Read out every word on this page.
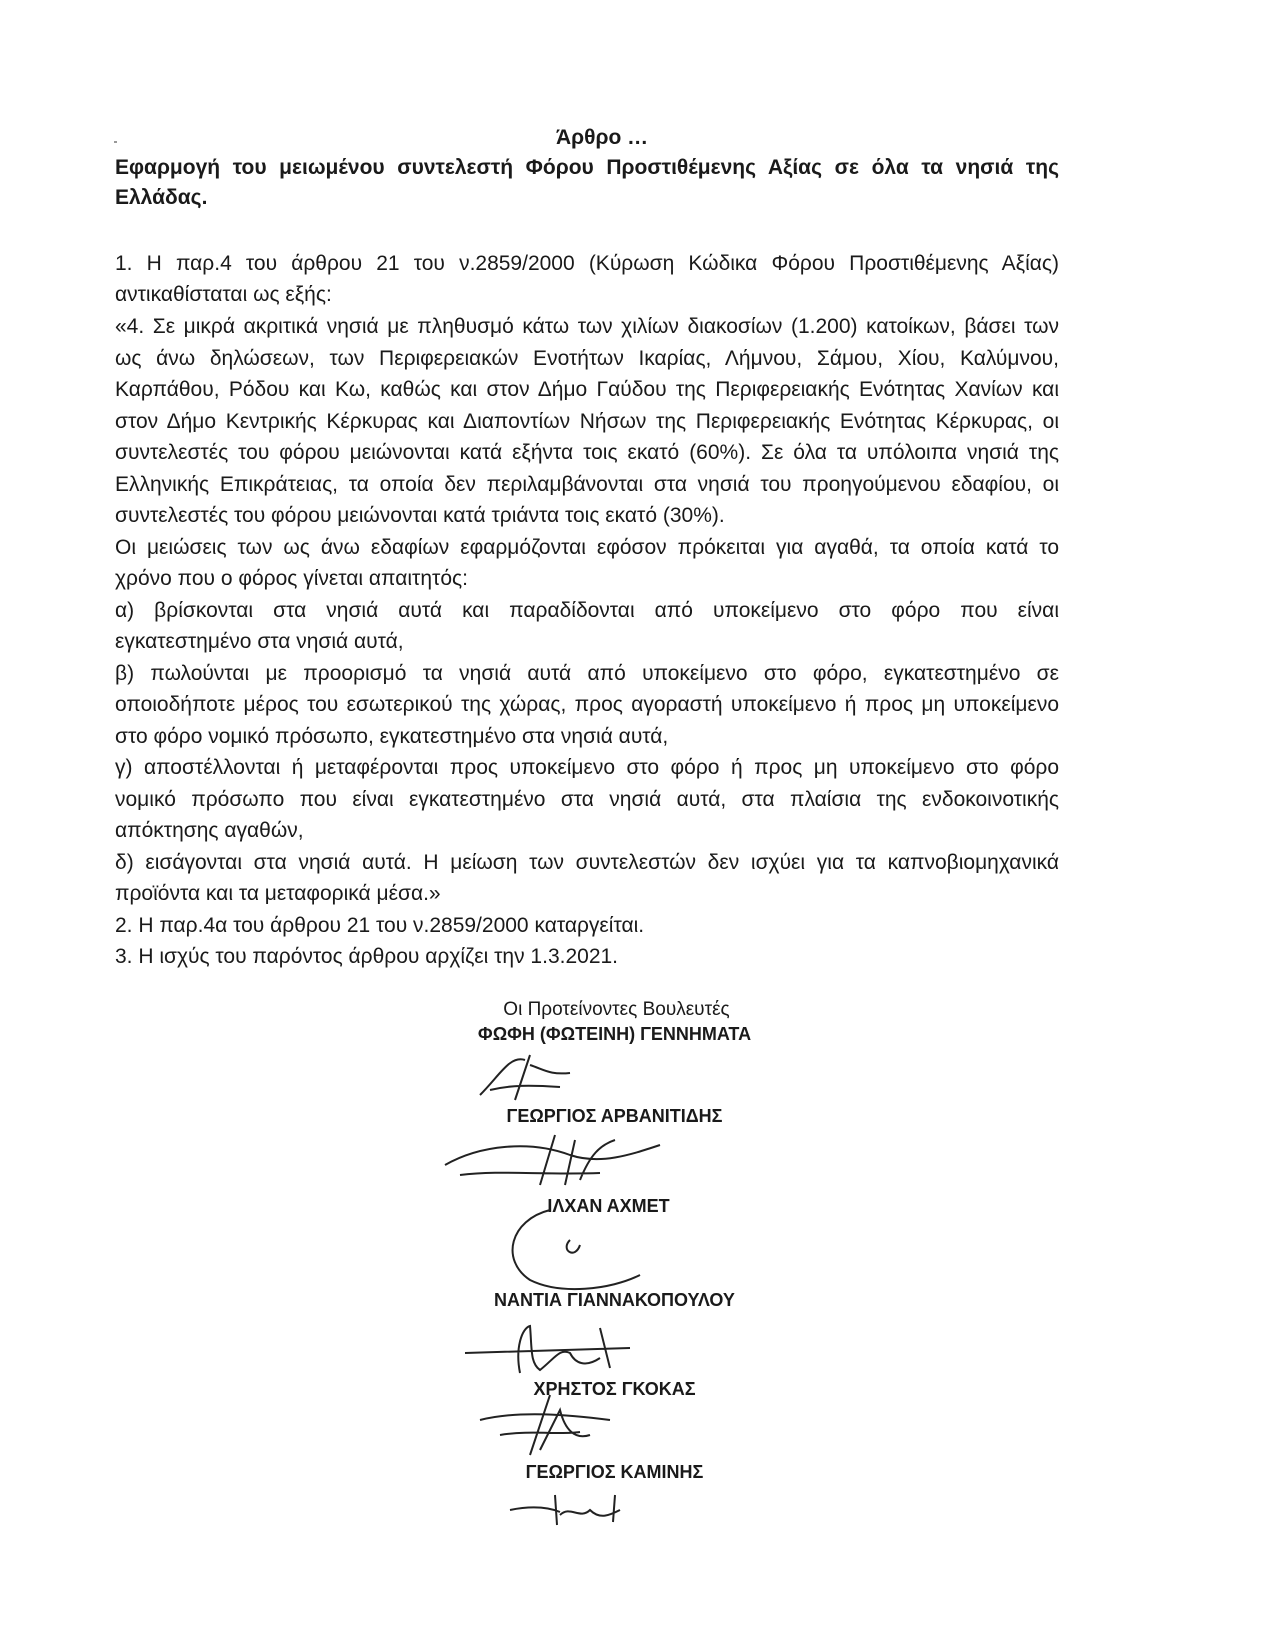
Άρθρο …
Εφαρμογή του μειωμένου συντελεστή Φόρου Προστιθέμενης Αξίας σε όλα τα νησιά της
Ελλάδας.
1. Η παρ.4 του άρθρου 21 του ν.2859/2000 (Κύρωση Κώδικα Φόρου Προστιθέμενης Αξίας)
αντικαθίσταται ως εξής:
«4. Σε μικρά ακριτικά νησιά με πληθυσμό κάτω των χιλίων διακοσίων (1.200) κατοίκων, βάσει των
ως άνω δηλώσεων, των Περιφερειακών Ενοτήτων Ικαρίας, Λήμνου, Σάμου, Χίου, Καλύμνου,
Καρπάθου, Ρόδου και Κω, καθώς και στον Δήμο Γαύδου της Περιφερειακής Ενότητας Χανίων και
στον Δήμο Κεντρικής Κέρκυρας και Διαποντίων Νήσων της Περιφερειακής Ενότητας Κέρκυρας, οι
συντελεστές του φόρου μειώνονται κατά εξήντα τοις εκατό (60%). Σε όλα τα υπόλοιπα νησιά της
Ελληνικής Επικράτειας, τα οποία δεν περιλαμβάνονται στα νησιά του προηγούμενου εδαφίου, οι
συντελεστές του φόρου μειώνονται κατά τριάντα τοις εκατό (30%).
Οι μειώσεις των ως άνω εδαφίων εφαρμόζονται εφόσον πρόκειται για αγαθά, τα οποία κατά το
χρόνο που ο φόρος γίνεται απαιτητός:
α) βρίσκονται στα νησιά αυτά και παραδίδονται από υποκείμενο στο φόρο που είναι
εγκατεστημένο στα νησιά αυτά,
β) πωλούνται με προορισμό τα νησιά αυτά από υποκείμενο στο φόρο, εγκατεστημένο σε
οποιοδήποτε μέρος του εσωτερικού της χώρας, προς αγοραστή υποκείμενο ή προς μη υποκείμενο
στο φόρο νομικό πρόσωπο, εγκατεστημένο στα νησιά αυτά,
γ) αποστέλλονται ή μεταφέρονται προς υποκείμενο στο φόρο ή προς μη υποκείμενο στο φόρο
νομικό πρόσωπο που είναι εγκατεστημένο στα νησιά αυτά, στα πλαίσια της ενδοκοινοτικής
απόκτησης αγαθών,
δ) εισάγονται στα νησιά αυτά. Η μείωση των συντελεστών δεν ισχύει για τα καπνοβιομηχανικά
προϊόντα και τα μεταφορικά μέσα.»
2. Η παρ.4α του άρθρου 21 του ν.2859/2000 καταργείται.
3. Η ισχύς του παρόντος άρθρου αρχίζει την 1.3.2021.
Οι Προτείνοντες Βουλευτές
ΦΩΦΗ (ΦΩΤΕΙΝΗ) ΓΕΝΝΗΜΑΤΑ
ΓΕΩΡΓΙΟΣ ΑΡΒΑΝΙΤΙΔΗΣ
ΙΛΧΑΝ ΑΧΜΕΤ
ΝΑΝΤΙΑ ΓΙΑΝΝΑΚΟΠΟΥΛΟΥ
ΧΡΗΣΤΟΣ ΓΚΟΚΑΣ
ΓΕΩΡΓΙΟΣ ΚΑΜΙΝΗΣ
